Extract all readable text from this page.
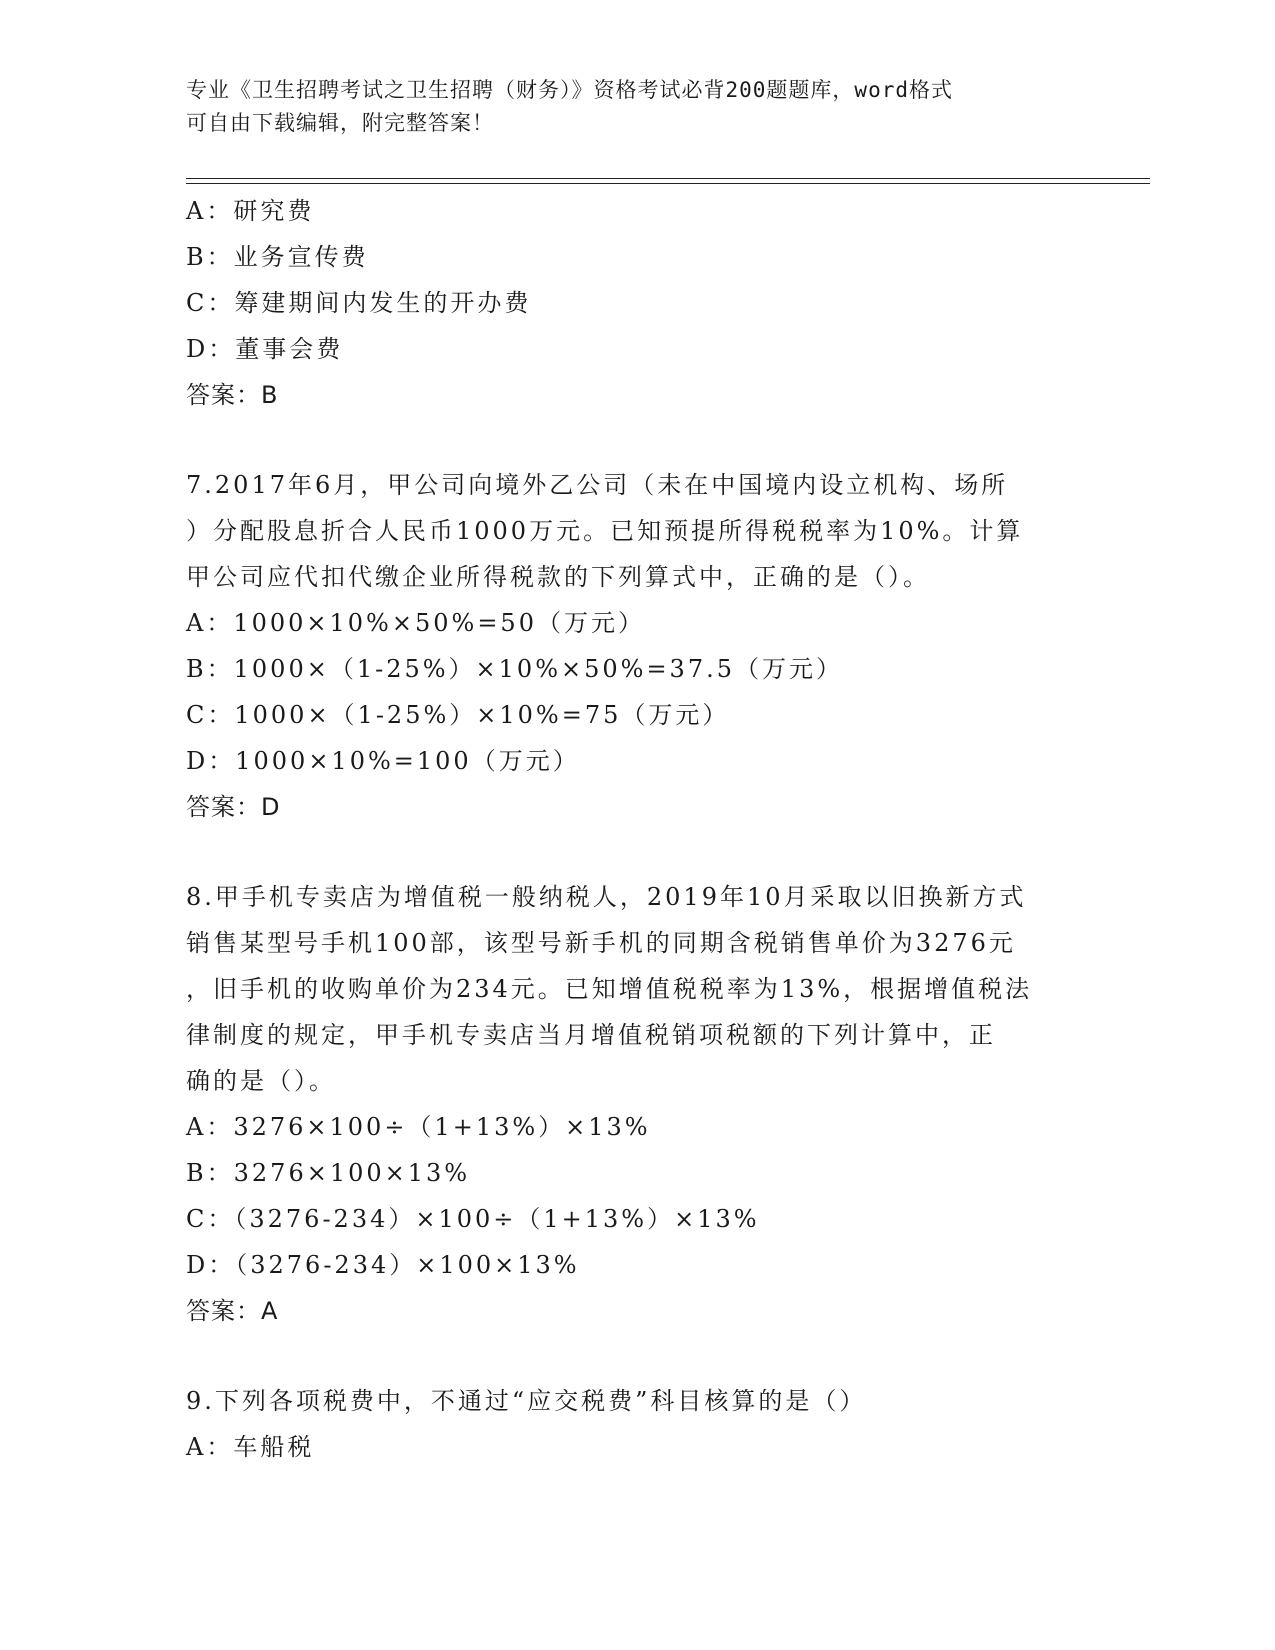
专业《卫生招聘考试之卫生招聘（财务）》资格考试必背200题题库，word格式
可自由下载编辑，附完整答案！
A：研究费
B：业务宣传费
C：筹建期间内发生的开办费
D：董事会费
答案：B
7.2017年6月，甲公司向境外乙公司（未在中国境内设立机构、场所
）分配股息折合人民币1000万元。已知预提所得税税率为10%。计算
甲公司应代扣代缴企业所得税款的下列算式中，正确的是（）。
A：1000×10%×50%=50（万元）
B：1000×（1-25%）×10%×50%=37.5（万元）
C：1000×（1-25%）×10%=75（万元）
D：1000×10%=100（万元）
答案：D
8.甲手机专卖店为增值税一般纳税人，2019年10月采取以旧换新方式
销售某型号手机100部，该型号新手机的同期含税销售单价为3276元
，旧手机的收购单价为234元。已知增值税税率为13%，根据增值税法
律制度的规定，甲手机专卖店当月增值税销项税额的下列计算中，正
确的是（）。
A：3276×100÷（1+13%）×13%
B：3276×100×13%
C：（3276-234）×100÷（1+13%）×13%
D：（3276-234）×100×13%
答案：A
9.下列各项税费中，不通过“应交税费”科目核算的是（）
A：车船税
